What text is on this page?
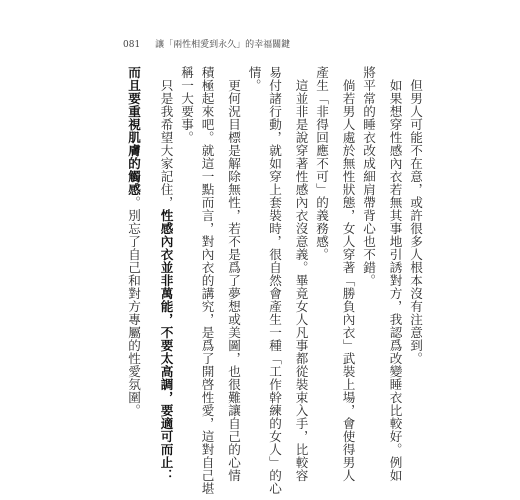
081 讓「兩性相愛到永久」的幸福關鍵
但男人可能不在意，或許很多人根本沒有注意到。
如果想穿性感內衣若無其事地引誘對方，我認爲改變睡衣比較好。例如
將平常的睡衣改成細肩帶背心也不錯。
倘若男人處於無性狀態，女人穿著「勝負內衣」武裝上場，會使得男人
產生「非得回應不可」的義務感。
這並非是說穿著性感內衣沒意義。畢竟女人凡事都從裝束入手，比較容
易付諸行動，就如穿上套裝時，很自然會產生一種「工作幹練的女人」的心
情。
更何況目標是解除無性，若不是爲了夢想或美圖，也很難讓自己的心情
積極起來吧。就這一點而言，對內衣的講究，是爲了開啓性愛，這對自己堪
稱一大要事。
只是我希望大家記住，性感內衣並非萬能，不要太高調，要適可而止：
而且要重視肌膚的觸感。別忘了自己和對方專屬的性愛氛圍。
